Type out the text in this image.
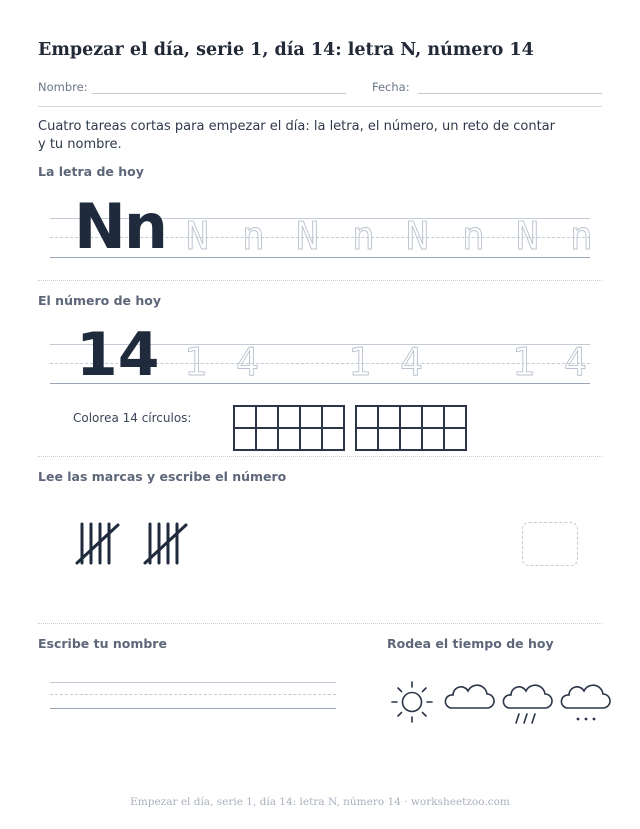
Empezar el día, serie 1, día 14: letra N, número 14
Nombre:	Fecha:
Cuatro tareas cortas para empezar el día: la letra, el número, un reto de contar y tu nombre.
La letra de hoy
Nn N n N n N n N n
El número de hoy
14 1 4 1 4 1 4
Colorea 14 círculos:
Lee las marcas y escribe el número
Escribe tu nombre	Rodea el tiempo de hoy
Empezar el día, serie 1, día 14: letra N, número 14 · worksheetzoo.com
